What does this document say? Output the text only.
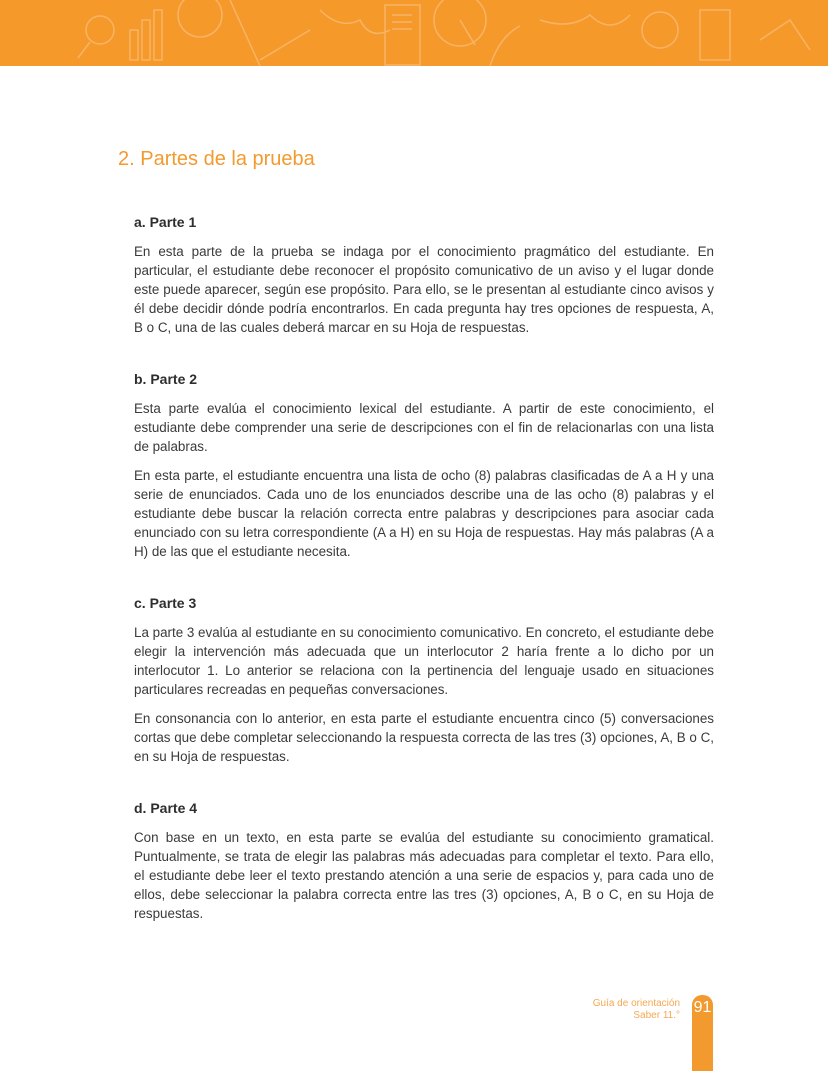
2. Partes de la prueba
a. Parte 1

En esta parte de la prueba se indaga por el conocimiento pragmático del estudiante. En particular, el estudiante debe reconocer el propósito comunicativo de un aviso y el lugar donde este puede aparecer, según ese propósito. Para ello, se le presentan al estudiante cinco avisos y él debe decidir dónde podría encontrarlos. En cada pregunta hay tres opciones de respuesta, A, B o C, una de las cuales deberá marcar en su Hoja de respuestas.

b. Parte 2

Esta parte evalúa el conocimiento lexical del estudiante. A partir de este conocimiento, el estudiante debe comprender una serie de descripciones con el fin de relacionarlas con una lista de palabras.

En esta parte, el estudiante encuentra una lista de ocho (8) palabras clasificadas de A a H y una serie de enunciados. Cada uno de los enunciados describe una de las ocho (8) palabras y el estudiante debe buscar la relación correcta entre palabras y descripciones para asociar cada enunciado con su letra correspondiente (A a H) en su Hoja de respuestas. Hay más palabras (A a H) de las que el estudiante necesita.

c. Parte 3

La parte 3 evalúa al estudiante en su conocimiento comunicativo. En concreto, el estudiante debe elegir la intervención más adecuada que un interlocutor 2 haría frente a lo dicho por un interlocutor 1. Lo anterior se relaciona con la pertinencia del lenguaje usado en situaciones particulares recreadas en pequeñas conversaciones.

En consonancia con lo anterior, en esta parte el estudiante encuentra cinco (5) conversaciones cortas que debe completar seleccionando la respuesta correcta de las tres (3) opciones, A, B o C, en su Hoja de respuestas.

d. Parte 4

Con base en un texto, en esta parte se evalúa del estudiante su conocimiento gramatical. Puntualmente, se trata de elegir las palabras más adecuadas para completar el texto. Para ello, el estudiante debe leer el texto prestando atención a una serie de espacios y, para cada uno de ellos, debe seleccionar la palabra correcta entre las tres (3) opciones, A, B o C, en su Hoja de respuestas.

Guía de orientación
Saber 11.° 91
